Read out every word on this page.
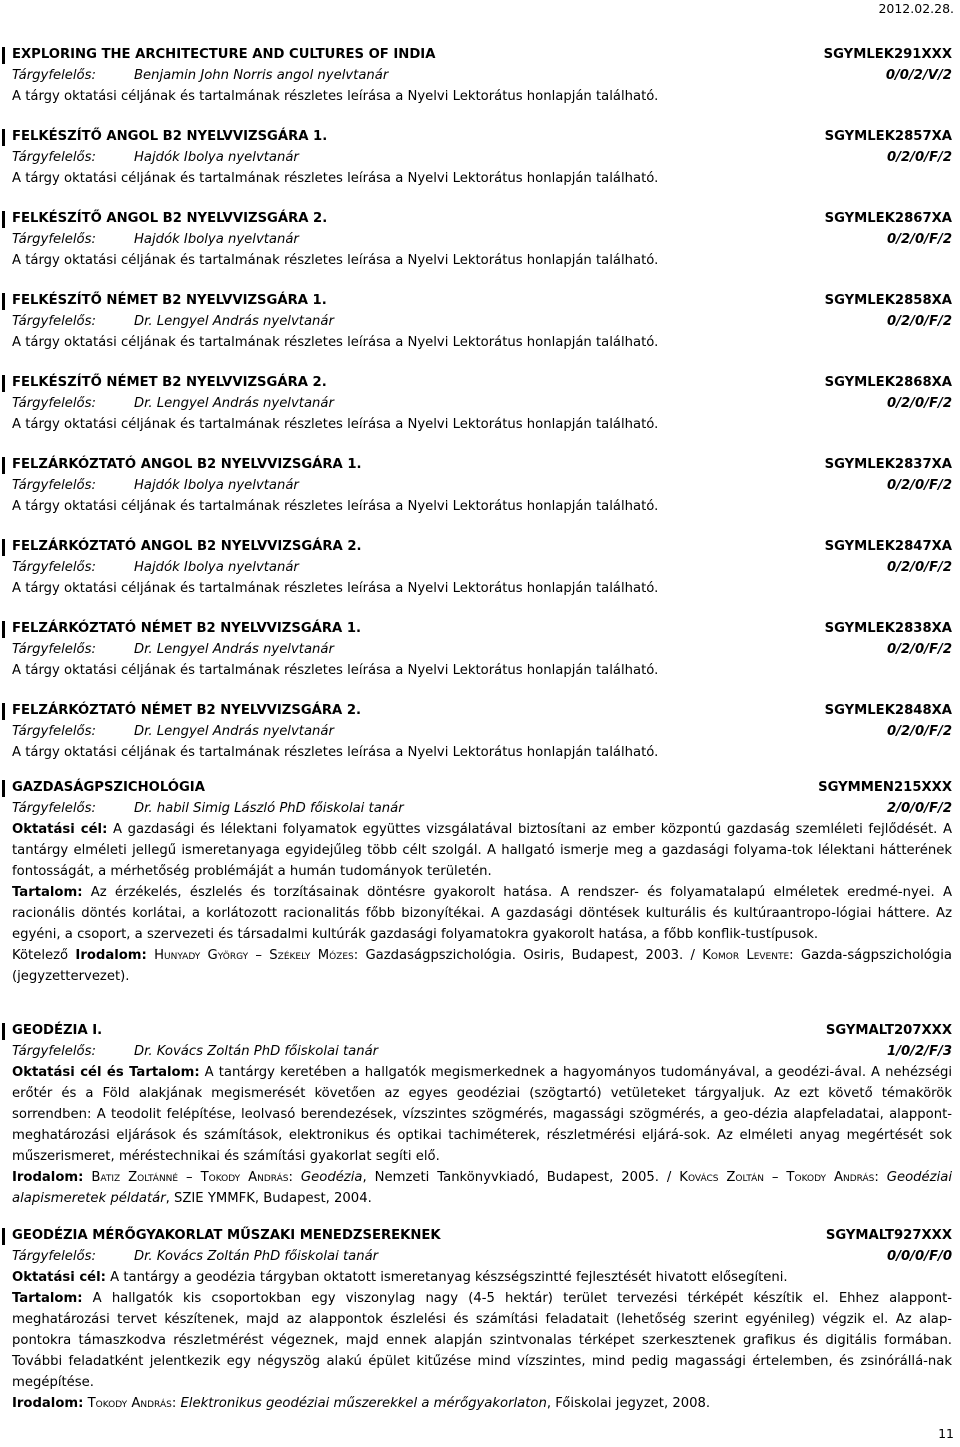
2012.02.28.
EXPLORING THE ARCHITECTURE AND CULTURES OF INDIA	SGYMLEK291XXX
Tárgyfelelős:	Benjamin John Norris angol nyelvtanár	0/0/2/V/2
A tárgy oktatási céljának és tartalmának részletes leírása a Nyelvi Lektorátus honlapján található.
FELKÉSZÍTŐ ANGOL B2 NYELVVIZSGÁRA 1.	SGYMLEK2857XA
Tárgyfelelős:	Hajdók Ibolya nyelvtanár	0/2/0/F/2
A tárgy oktatási céljának és tartalmának részletes leírása a Nyelvi Lektorátus honlapján található.
FELKÉSZÍTŐ ANGOL B2 NYELVVIZSGÁRA 2.	SGYMLEK2867XA
Tárgyfelelős:	Hajdók Ibolya nyelvtanár	0/2/0/F/2
A tárgy oktatási céljának és tartalmának részletes leírása a Nyelvi Lektorátus honlapján található.
FELKÉSZÍTŐ NÉMET B2 NYELVVIZSGÁRA 1.	SGYMLEK2858XA
Tárgyfelelős:	Dr. Lengyel András nyelvtanár	0/2/0/F/2
A tárgy oktatási céljának és tartalmának részletes leírása a Nyelvi Lektorátus honlapján található.
FELKÉSZÍTŐ NÉMET B2 NYELVVIZSGÁRA 2.	SGYMLEK2868XA
Tárgyfelelős:	Dr. Lengyel András nyelvtanár	0/2/0/F/2
A tárgy oktatási céljának és tartalmának részletes leírása a Nyelvi Lektorátus honlapján található.
FELZÁRKÓZTATÓ ANGOL B2 NYELVVIZSGÁRA 1.	SGYMLEK2837XA
Tárgyfelelős:	Hajdók Ibolya nyelvtanár	0/2/0/F/2
A tárgy oktatási céljának és tartalmának részletes leírása a Nyelvi Lektorátus honlapján található.
FELZÁRKÓZTATÓ ANGOL B2 NYELVVIZSGÁRA 2.	SGYMLEK2847XA
Tárgyfelelős:	Hajdók Ibolya nyelvtanár	0/2/0/F/2
A tárgy oktatási céljának és tartalmának részletes leírása a Nyelvi Lektorátus honlapján található.
FELZÁRKÓZTATÓ NÉMET B2 NYELVVIZSGÁRA 1.	SGYMLEK2838XA
Tárgyfelelős:	Dr. Lengyel András nyelvtanár	0/2/0/F/2
A tárgy oktatási céljának és tartalmának részletes leírása a Nyelvi Lektorátus honlapján található.
FELZÁRKÓZTATÓ NÉMET B2 NYELVVIZSGÁRA 2.	SGYMLEK2848XA
Tárgyfelelős:	Dr. Lengyel András nyelvtanár	0/2/0/F/2
A tárgy oktatási céljának és tartalmának részletes leírása a Nyelvi Lektorátus honlapján található.
GAZDASÁGPSZICHOLÓGIA	SGYMMEN215XXX
Tárgyfelelős:	Dr. habil Simig László PhD főiskolai tanár	2/0/0/F/2
Oktatási cél: A gazdasági és lélektani folyamatok együttes vizsgálatával biztosítani az ember központú gazdaság szemléleti fejlődését. A tantárgy elméleti jellegű ismeretanyaga egyidejűleg több célt szolgál. A hallgató ismerje meg a gazdasági folyama-tok lélektani hátterének fontosságát, a mérhetőség problémáját a humán tudományok területén.
Tartalom: Az érzékelés, észlelés és torzításainak döntésre gyakorolt hatása. A rendszer- és folyamatalapú elméletek eredmé-nyei. A racionális döntés korlátai, a korlátozott racionalitás főbb bizonyítékai. A gazdasági döntések kulturális és kultúraantropo-lógiai háttere. Az egyéni, a csoport, a szervezeti és társadalmi kultúrák gazdasági folyamatokra gyakorolt hatása, a főbb konflik-tustípusok.
Kötelező Irodalom: Hunyady György – Székely Mózes: Gazdaságpszichológia. Osiris, Budapest, 2003. / Komor Levente: Gazda-ságpszichológia (jegyzettervezet).
GEODÉZIA I.	SGYMALT207XXX
Tárgyfelelős:	Dr. Kovács Zoltán PhD főiskolai tanár	1/0/2/F/3
Oktatási cél és Tartalom: A tantárgy keretében a hallgatók megismerkednek a hagyományos tudományával, a geodézi-ával. A nehézségi erőtér és a Föld alakjának megismerését követően az egyes geodéziai (szögtartó) vetületeket tárgyaljuk. Az ezt követő témakörök sorrendben: A teodolit felépítése, leolvasó berendezések, vízszintes szögmérés, magassági szögmérés, a geo-dézia alapfeladatai, alappont-meghatározási eljárások és számítások, elektronikus és optikai tachiméterek, részletmérési eljárá-sok. Az elméleti anyag megértését sok műszerismeret, méréstechnikai és számítási gyakorlat segíti elő.
Irodalom: Batiz Zoltánné – Tokody András: Geodézia, Nemzeti Tankönyvkiadó, Budapest, 2005. / Kovács Zoltán – Tokody András: Geodéziai alapismeretek példatár, SZIE YMMFK, Budapest, 2004.
GEODÉZIA MÉRŐGYAKORLAT MŰSZAKI MENEDZSEREKNEK	SGYMALT927XXX
Tárgyfelelős:	Dr. Kovács Zoltán PhD főiskolai tanár	0/0/0/F/0
Oktatási cél: A tantárgy a geodézia tárgyban oktatott ismeretanyag készségszintté fejlesztését hivatott elősegíteni.
Tartalom: A hallgatók kis csoportokban egy viszonylag nagy (4-5 hektár) terület tervezési térképét készítik el. Ehhez alappont-meghatározási tervet készítenek, majd az alappontok észlelési és számítási feladatait (lehetőség szerint egyénileg) végzik el. Az alap-pontokra támaszkodva részletmérést végeznek, majd ennek alapján szintvonalas térképet szerkesztenek grafikus és digitális formában. További feladatként jelentkezik egy négyszög alakú épület kitűzése mind vízszintes, mind pedig magassági értelemben, és zsinórállá-nak megépítése.
Irodalom: Tokody András: Elektronikus geodéziai műszerekkel a mérőgyakorlaton, Főiskolai jegyzet, 2008.
11
